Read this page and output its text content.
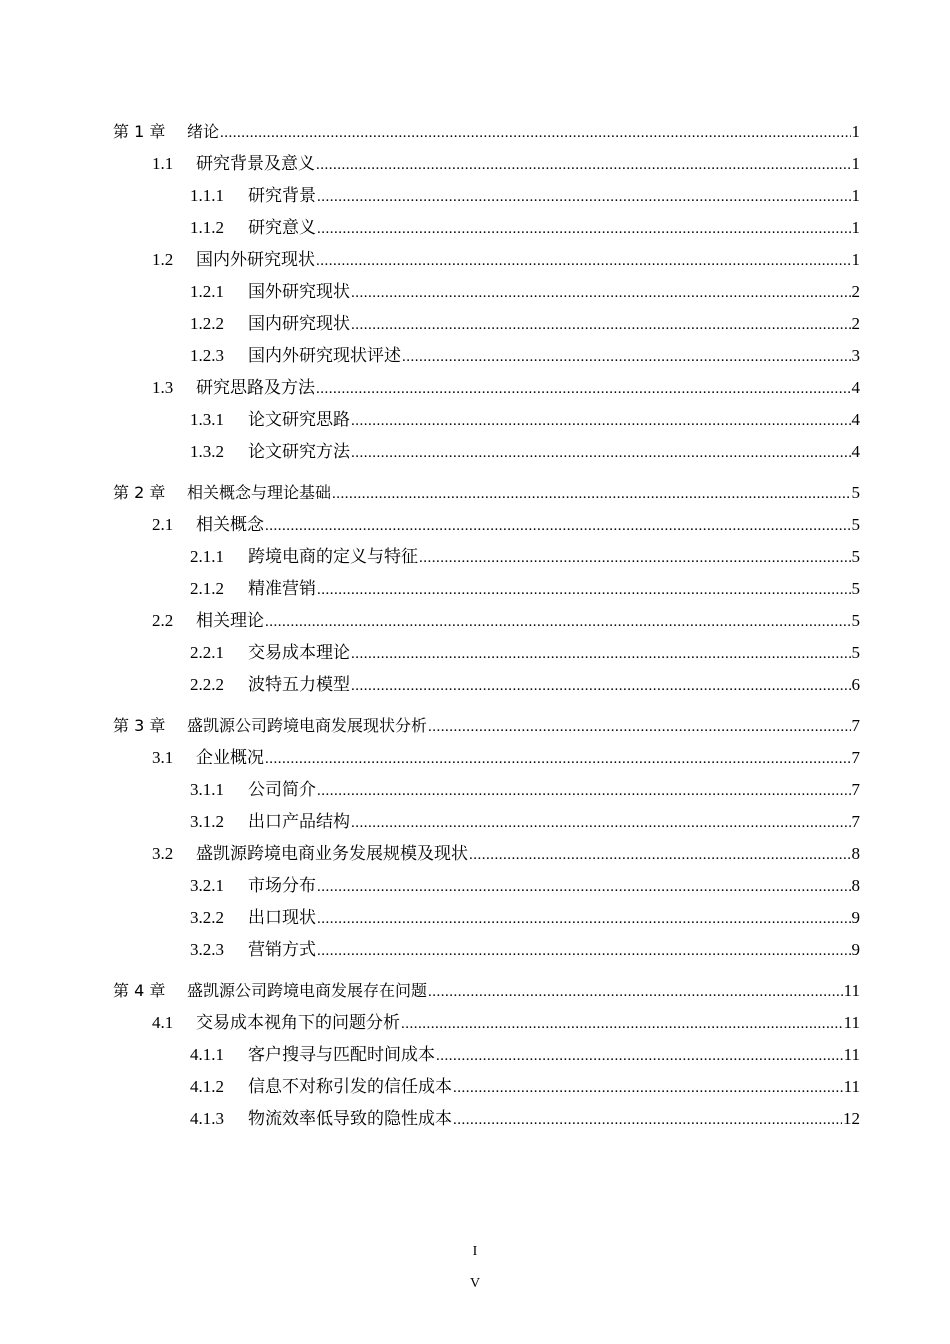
第 1 章	绪论 .....	1
1.1	研究背景及意义 .....	1
1.1.1	研究背景 .....	1
1.1.2	研究意义 .....	1
1.2	国内外研究现状 .....	1
1.2.1	国外研究现状 .....	2
1.2.2	国内研究现状 .....	2
1.2.3	国内外研究现状评述 .....	3
1.3	研究思路及方法 .....	4
1.3.1	论文研究思路 .....	4
1.3.2	论文研究方法 .....	4
第 2 章	相关概念与理论基础 .....	5
2.1	相关概念 .....	5
2.1.1	跨境电商的定义与特征 .....	5
2.1.2	精准营销 .....	5
2.2	相关理论 .....	5
2.2.1	交易成本理论 .....	5
2.2.2	波特五力模型 .....	6
第 3 章	盛凯源公司跨境电商发展现状分析 .....	7
3.1	企业概况 .....	7
3.1.1	公司简介 .....	7
3.1.2	出口产品结构 .....	7
3.2	盛凯源跨境电商业务发展规模及现状 .....	8
3.2.1	市场分布 .....	8
3.2.2	出口现状 .....	9
3.2.3	营销方式 .....	9
第 4 章	盛凯源公司跨境电商发展存在问题 .....	11
4.1	交易成本视角下的问题分析 .....	11
4.1.1	客户搜寻与匹配时间成本 .....	11
4.1.2	信息不对称引发的信任成本 .....	11
4.1.3	物流效率低导致的隐性成本 .....	12
I
V
